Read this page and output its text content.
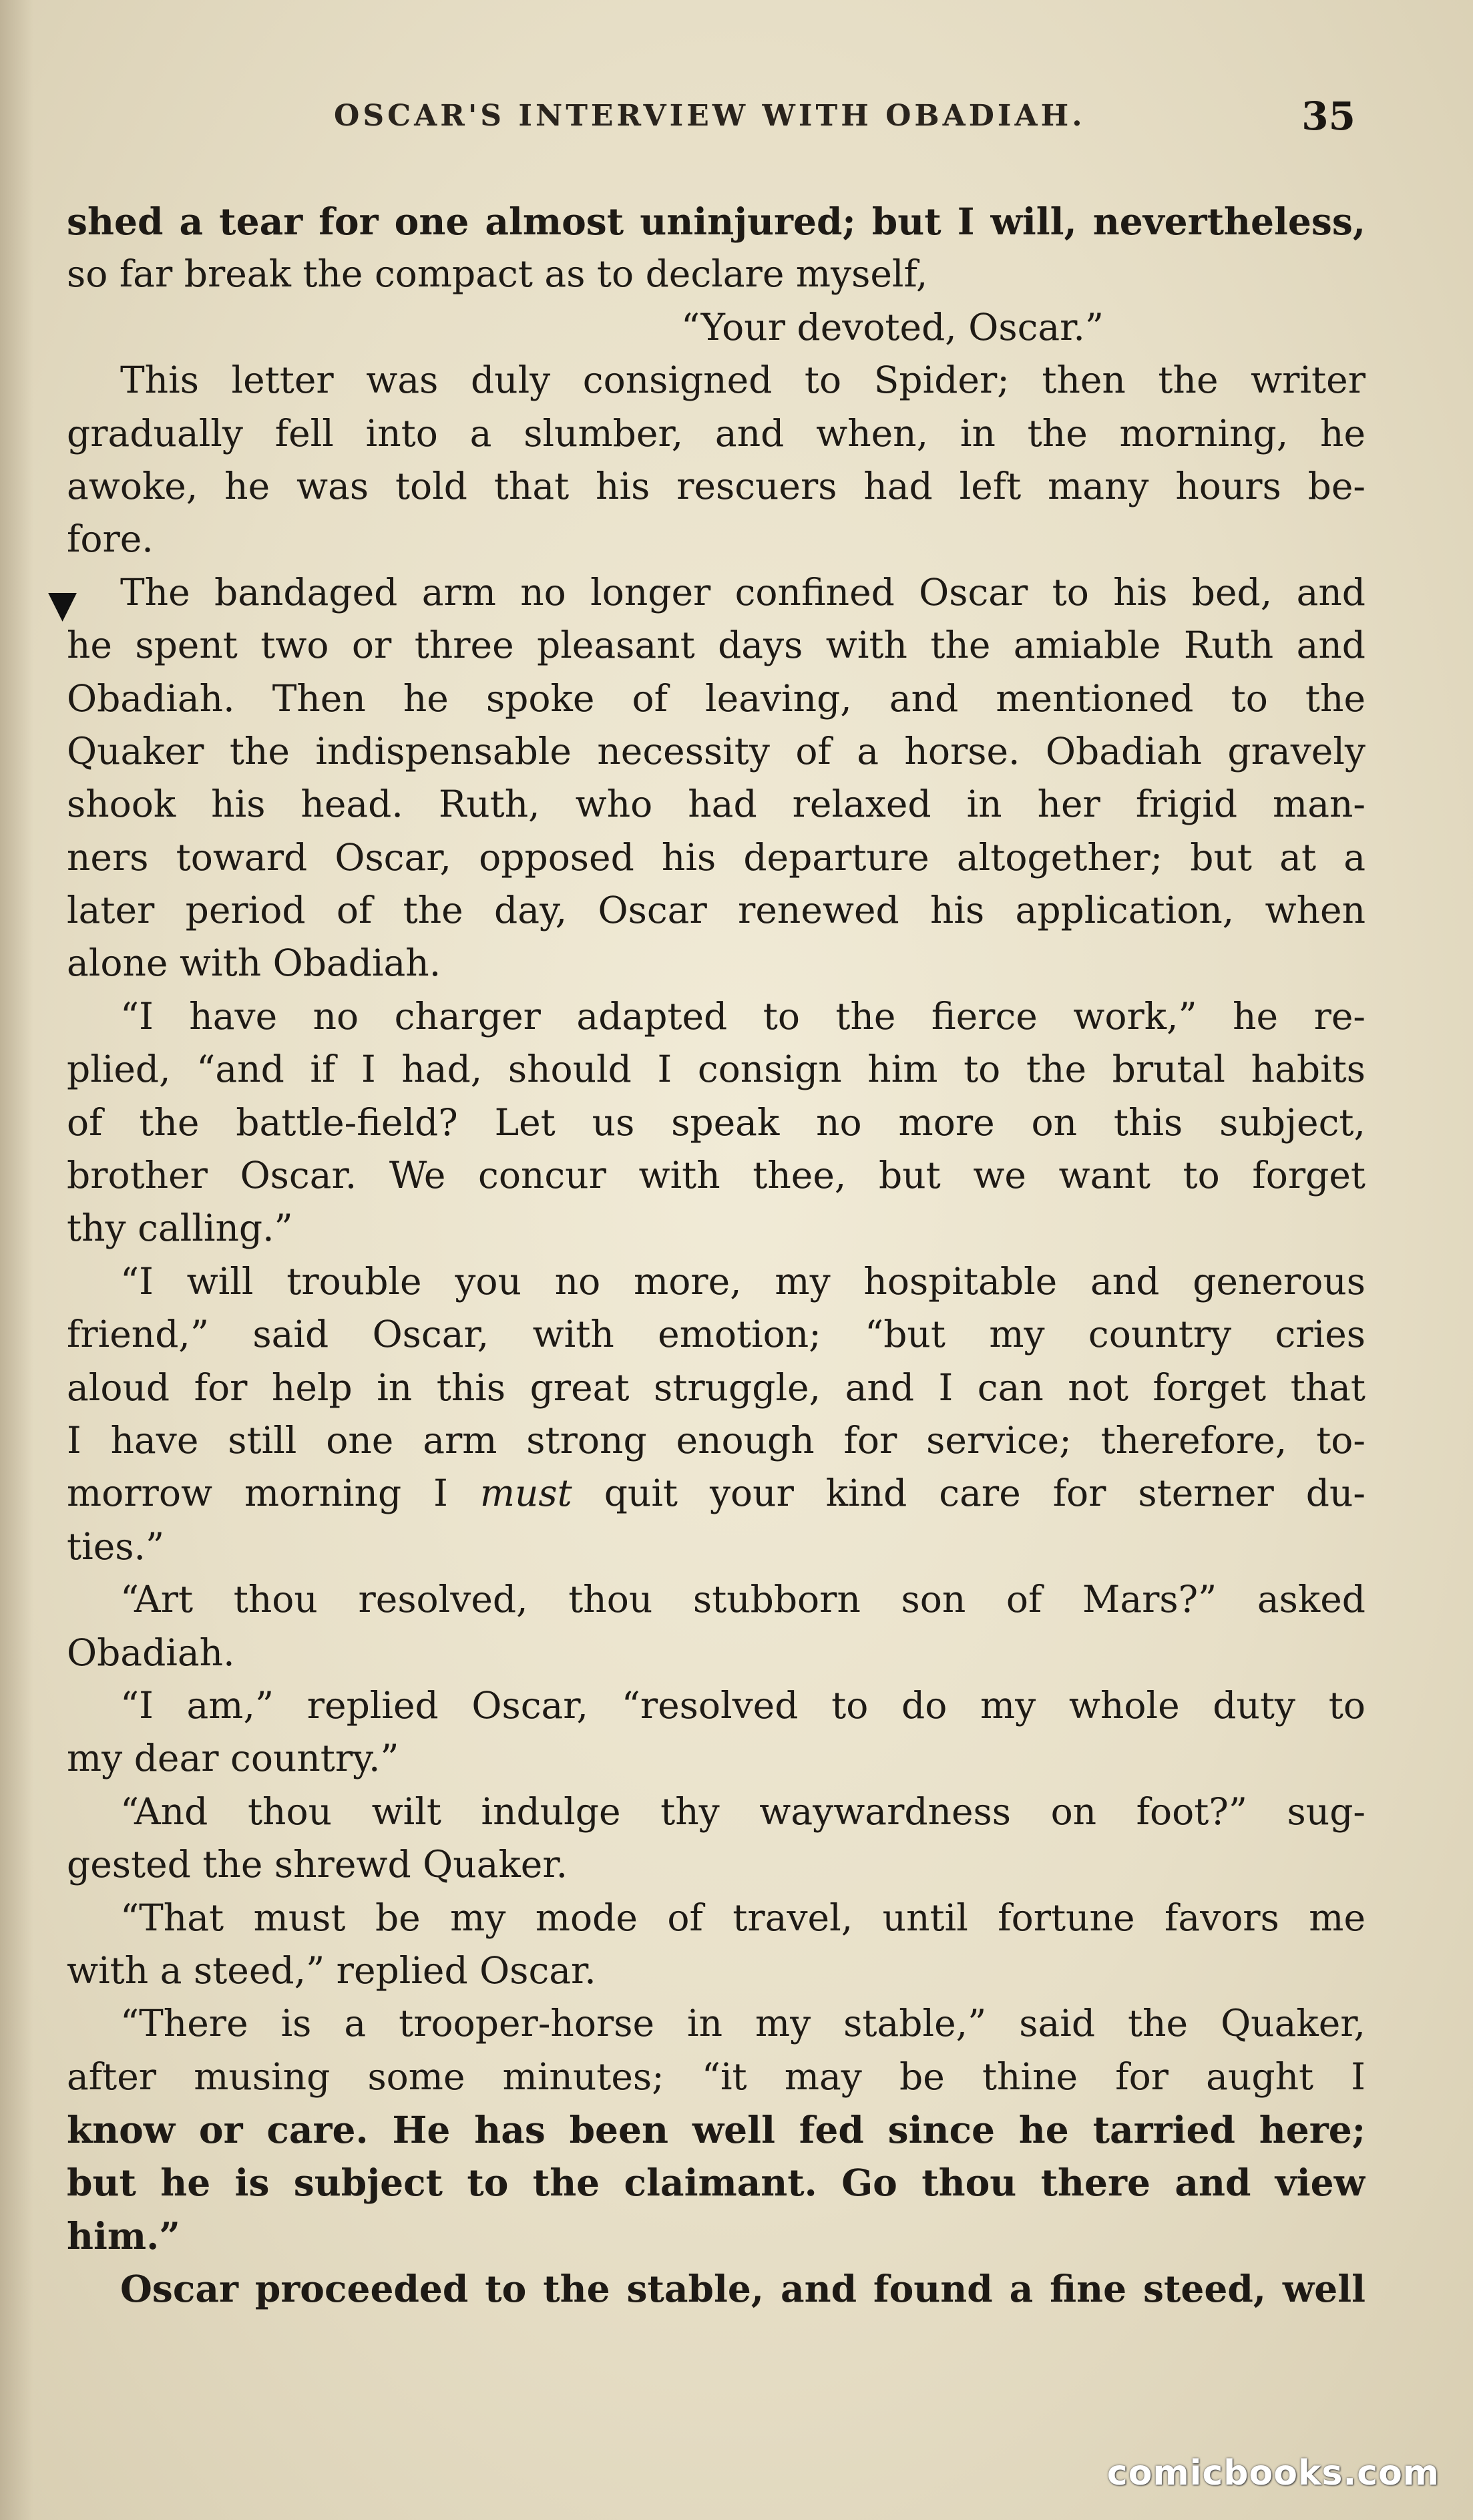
OSCAR'S INTERVIEW WITH OBADIAH.	35
▼
shed a tear for one almost uninjured; but I will, nevertheless,
so far break the compact as to declare myself,
“Your devoted, Oscar.”
This letter was duly consigned to Spider; then the writer
gradually fell into a slumber, and when, in the morning, he
awoke, he was told that his rescuers had left many hours be-
fore.
The bandaged arm no longer confined Oscar to his bed, and
he spent two or three pleasant days with the amiable Ruth and
Obadiah. Then he spoke of leaving, and mentioned to the
Quaker the indispensable necessity of a horse. Obadiah gravely
shook his head. Ruth, who had relaxed in her frigid man-
ners toward Oscar, opposed his departure altogether; but at a
later period of the day, Oscar renewed his application, when
alone with Obadiah.
“I have no charger adapted to the fierce work,” he re-
plied, “and if I had, should I consign him to the brutal habits
of the battle-field? Let us speak no more on this subject,
brother Oscar. We concur with thee, but we want to forget
thy calling.”
“I will trouble you no more, my hospitable and generous
friend,” said Oscar, with emotion; “but my country cries
aloud for help in this great struggle, and I can not forget that
I have still one arm strong enough for service; therefore, to-
morrow morning I must quit your kind care for sterner du-
ties.”
“Art thou resolved, thou stubborn son of Mars?” asked
Obadiah.
“I am,” replied Oscar, “resolved to do my whole duty to
my dear country.”
“And thou wilt indulge thy waywardness on foot?” sug-
gested the shrewd Quaker.
“That must be my mode of travel, until fortune favors me
with a steed,” replied Oscar.
“There is a trooper-horse in my stable,” said the Quaker,
after musing some minutes; “it may be thine for aught I
know or care. He has been well fed since he tarried here;
but he is subject to the claimant. Go thou there and view
him.”
Oscar proceeded to the stable, and found a fine steed, well
comicbooks.com
